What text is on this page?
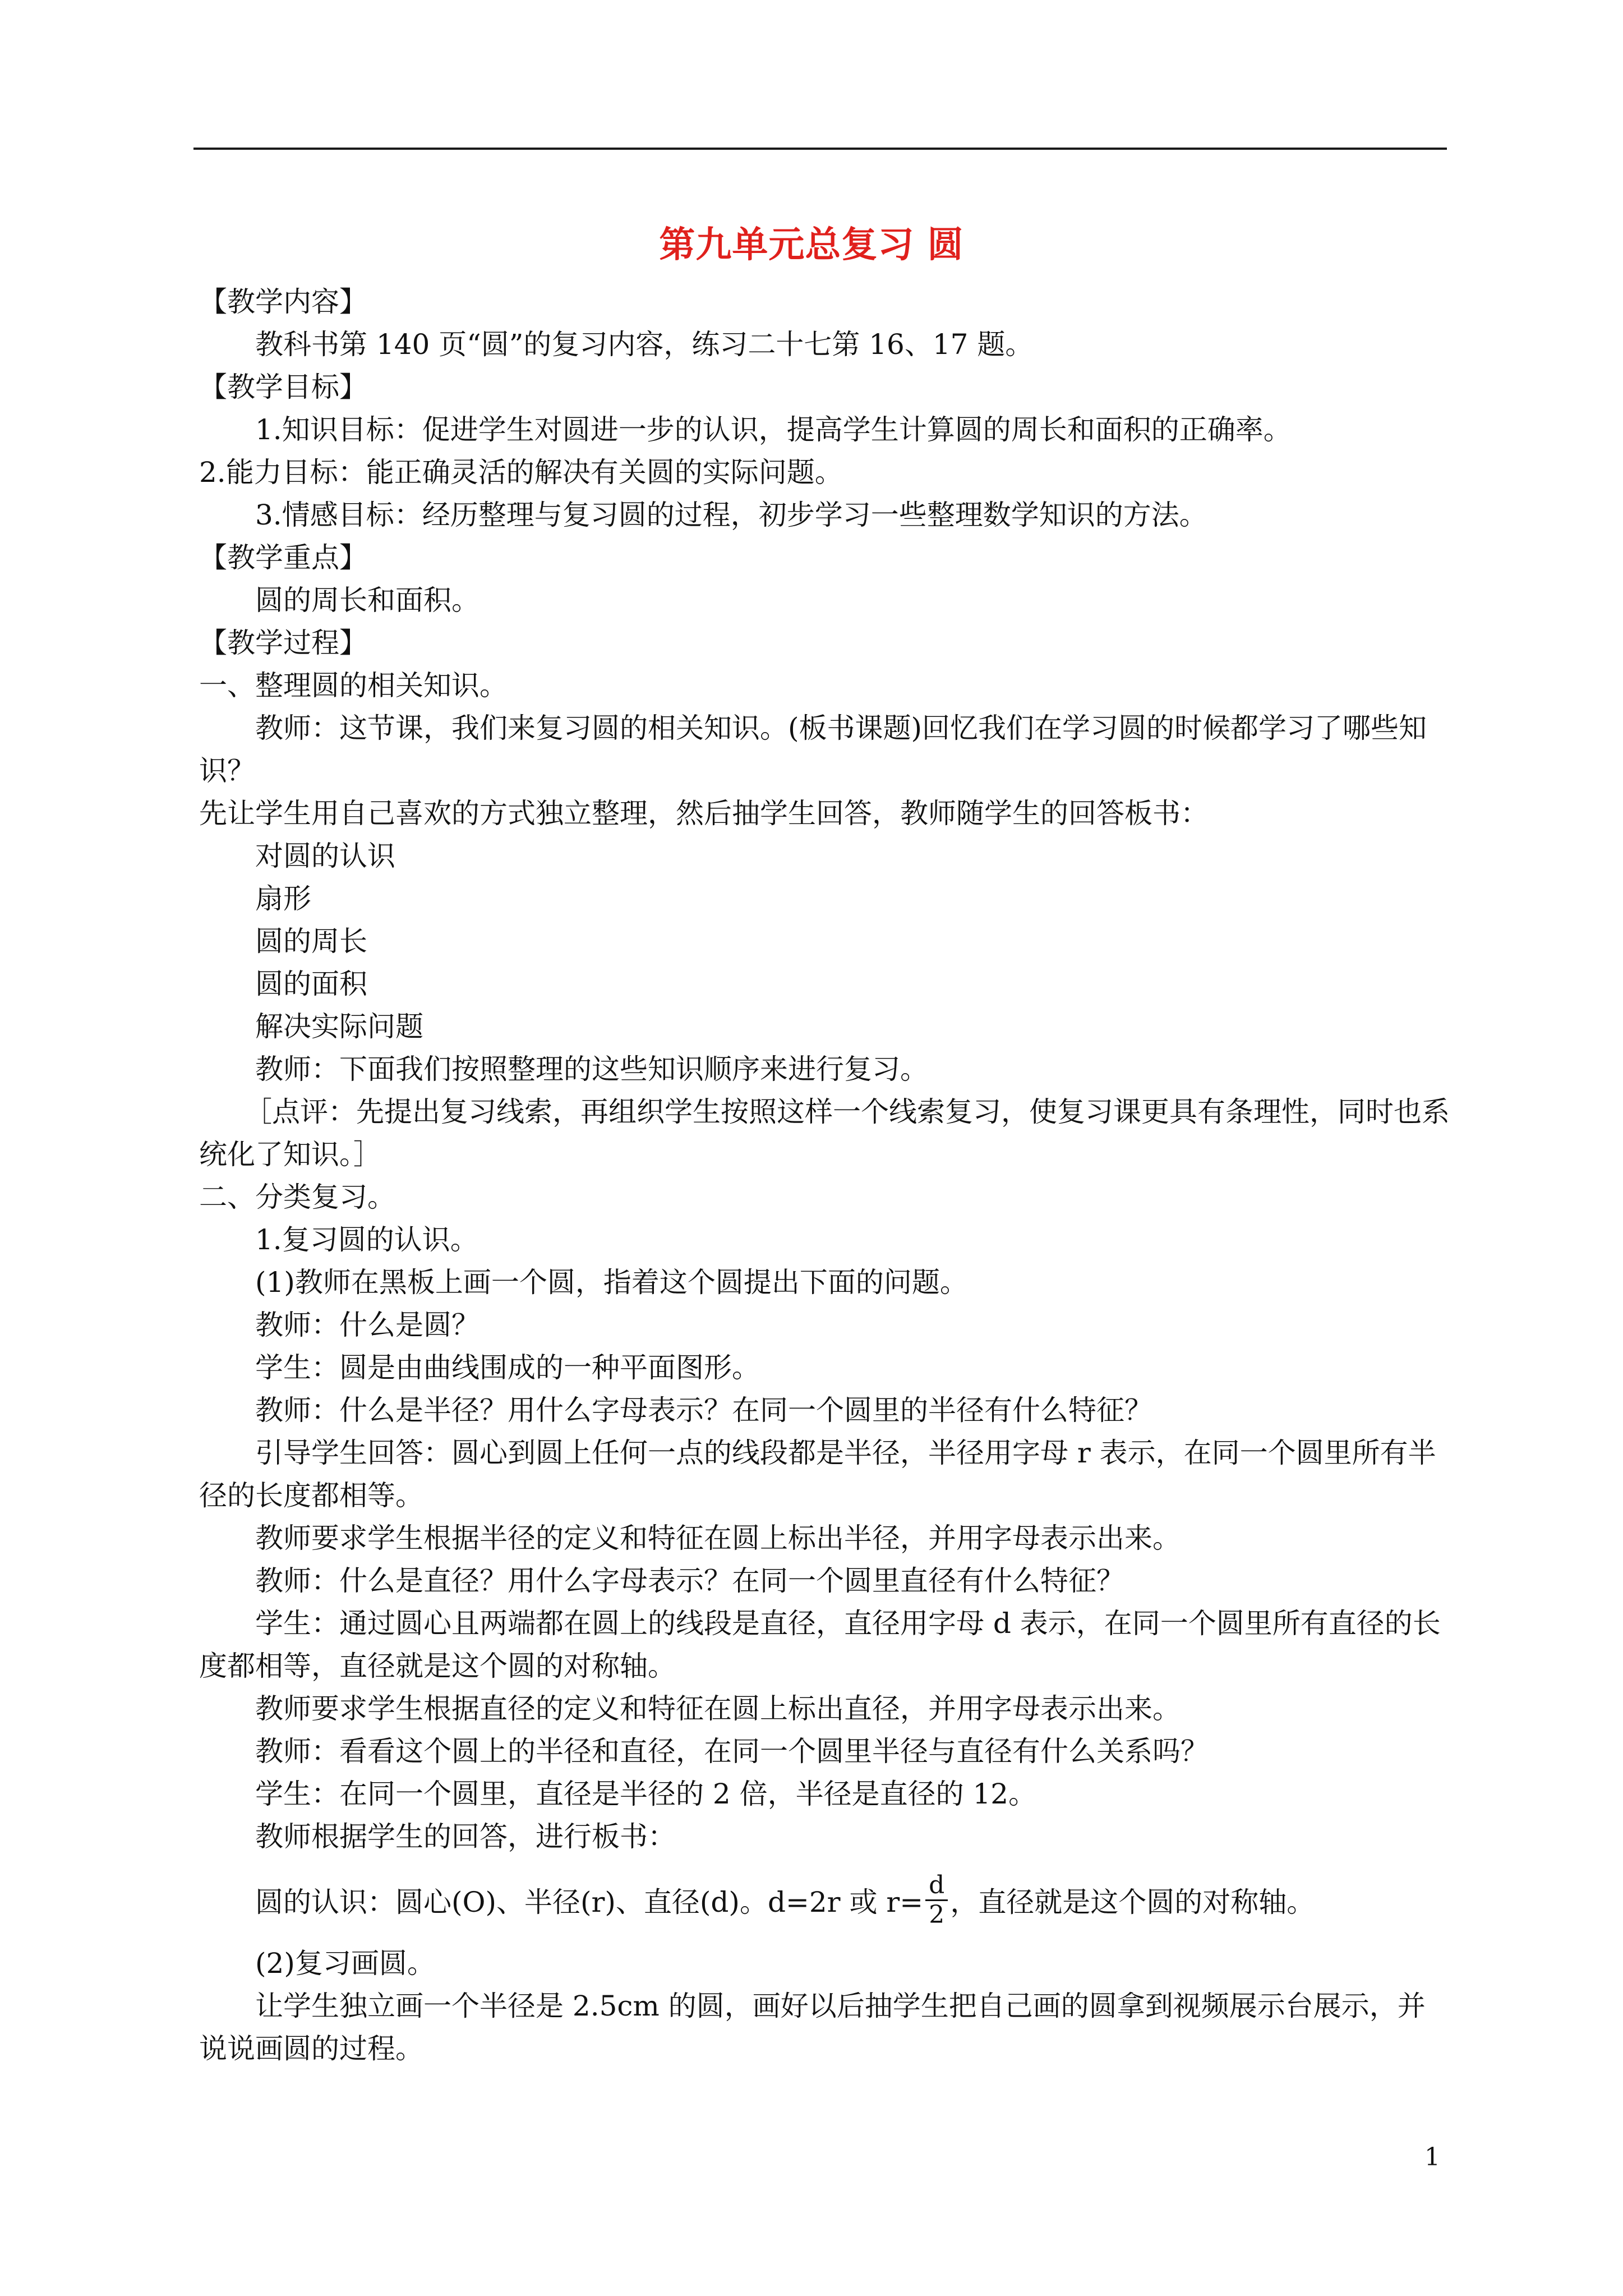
第九单元总复习 圆
【教学内容】
教科书第 140 页“圆”的复习内容，练习二十七第 16、17 题。
【教学目标】
1.知识目标：促进学生对圆进一步的认识，提高学生计算圆的周长和面积的正确率。
2.能力目标：能正确灵活的解决有关圆的实际问题。
3.情感目标：经历整理与复习圆的过程，初步学习一些整理数学知识的方法。
【教学重点】
圆的周长和面积。
【教学过程】
一、整理圆的相关知识。
教师：这节课，我们来复习圆的相关知识。(板书课题)回忆我们在学习圆的时候都学习了哪些知识？
先让学生用自己喜欢的方式独立整理，然后抽学生回答，教师随学生的回答板书：
对圆的认识
扇形
圆的周长
圆的面积
解决实际问题
教师：下面我们按照整理的这些知识顺序来进行复习。
［点评：先提出复习线索，再组织学生按照这样一个线索复习，使复习课更具有条理性，同时也系统化了知识。］
二、分类复习。
1.复习圆的认识。
(1)教师在黑板上画一个圆，指着这个圆提出下面的问题。
教师：什么是圆？
学生：圆是由曲线围成的一种平面图形。
教师：什么是半径？用什么字母表示？在同一个圆里的半径有什么特征？
引导学生回答：圆心到圆上任何一点的线段都是半径，半径用字母 r 表示，在同一个圆里所有半径的长度都相等。
教师要求学生根据半径的定义和特征在圆上标出半径，并用字母表示出来。
教师：什么是直径？用什么字母表示？在同一个圆里直径有什么特征？
学生：通过圆心且两端都在圆上的线段是直径，直径用字母 d 表示，在同一个圆里所有直径的长度都相等，直径就是这个圆的对称轴。
教师要求学生根据直径的定义和特征在圆上标出直径，并用字母表示出来。
教师：看看这个圆上的半径和直径，在同一个圆里半径与直径有什么关系吗？
学生：在同一个圆里，直径是半径的 2 倍，半径是直径的 12。
教师根据学生的回答，进行板书：
圆的认识：圆心(O)、半径(r)、直径(d)。d=2r 或 $r= \frac{d}{2}$ ，直径就是这个圆的对称轴。
(2)复习画圆。
让学生独立画一个半径是 2.5cm 的圆，画好以后抽学生把自己画的圆拿到视频展示台展示，并说说画圆的过程。
1
